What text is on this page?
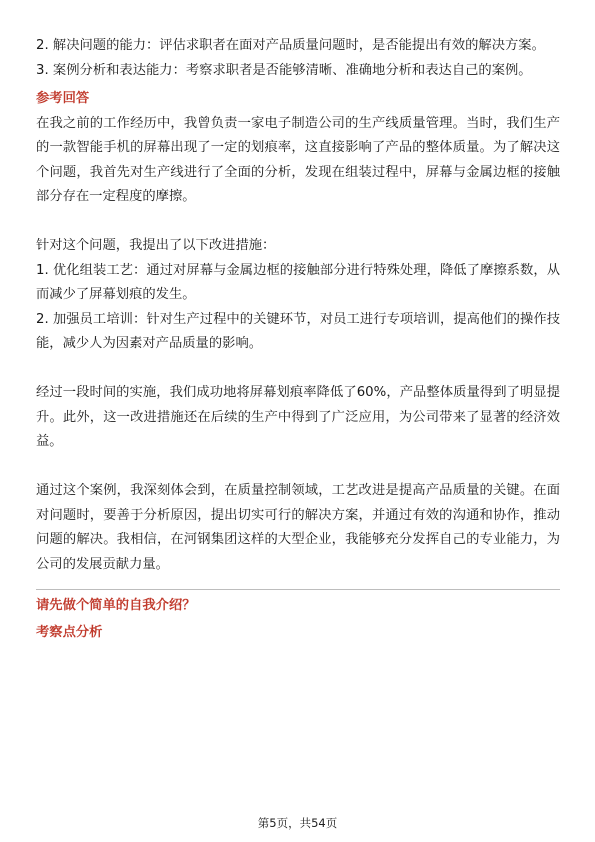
2. 解决问题的能力：评估求职者在面对产品质量问题时，是否能提出有效的解决方案。

3. 案例分析和表达能力：考察求职者是否能够清晰、准确地分析和表达自己的案例。

参考回答

在我之前的工作经历中，我曾负责一家电子制造公司的生产线质量管理。当时，我们生产的一款智能手机的屏幕出现了一定的划痕率，这直接影响了产品的整体质量。为了解决这个问题，我首先对生产线进行了全面的分析，发现在组装过程中，屏幕与金属边框的接触部分存在一定程度的摩擦。

针对这个问题，我提出了以下改进措施：

1. 优化组装工艺：通过对屏幕与金属边框的接触部分进行特殊处理，降低了摩擦系数，从而减少了屏幕划痕的发生。

2. 加强员工培训：针对生产过程中的关键环节，对员工进行专项培训，提高他们的操作技能，减少人为因素对产品质量的影响。

经过一段时间的实施，我们成功地将屏幕划痕率降低了60%，产品整体质量得到了明显提升。此外，这一改进措施还在后续的生产中得到了广泛应用，为公司带来了显著的经济效益。

通过这个案例，我深刻体会到，在质量控制领域，工艺改进是提高产品质量的关键。在面对问题时，要善于分析原因，提出切实可行的解决方案，并通过有效的沟通和协作，推动问题的解决。我相信，在河钢集团这样的大型企业，我能够充分发挥自己的专业能力，为公司的发展贡献力量。

请先做个简单的自我介绍？

考察点分析

第5页，共54页
